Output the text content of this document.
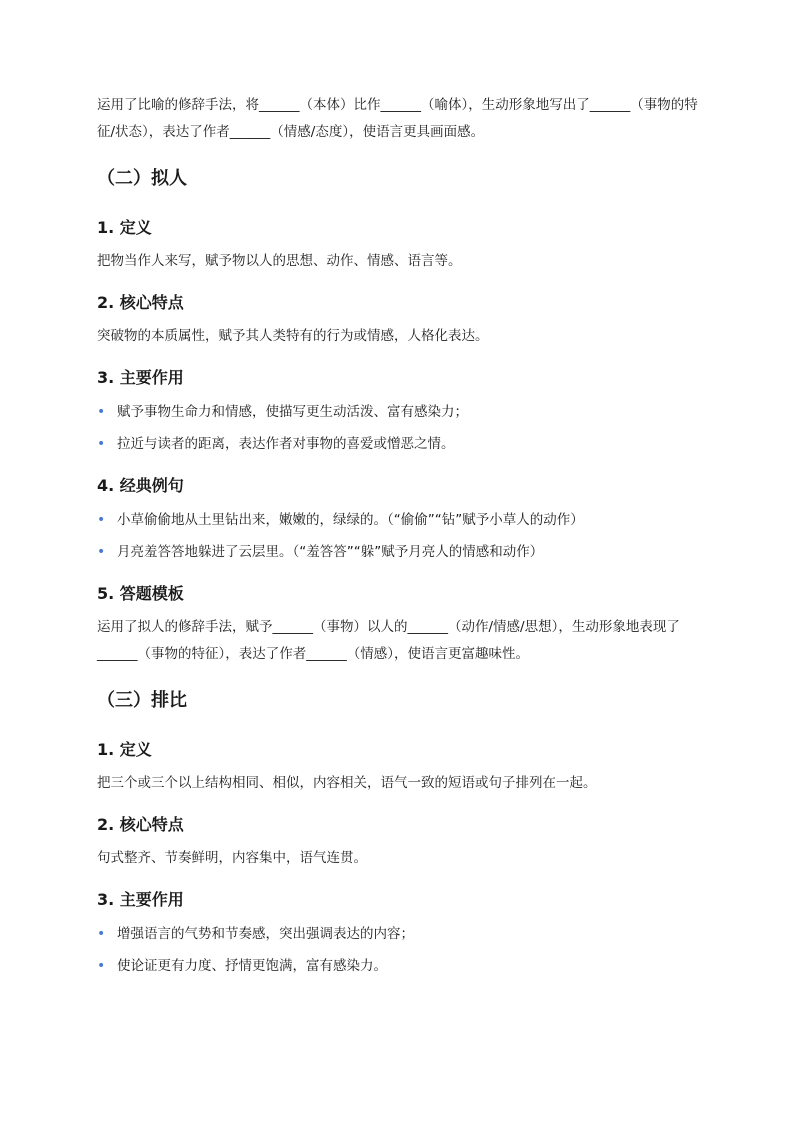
运用了比喻的修辞手法，将______（本体）比作______（喻体），生动形象地写出了______（事物的特征/状态），表达了作者______（情感/态度），使语言更具画面感。

（二）拟人
1. 定义

把物当作人来写，赋予物以人的思想、动作、情感、语言等。

2. 核心特点

突破物的本质属性，赋予其人类特有的行为或情感，人格化表达。

3. 主要作用
• 赋予事物生命力和情感，使描写更生动活泼、富有感染力；
• 拉近与读者的距离，表达作者对事物的喜爱或憎恶之情。
4. 经典例句
• 小草偷偷地从土里钻出来，嫩嫩的，绿绿的。（“偷偷”“钻”赋予小草人的动作）
• 月亮羞答答地躲进了云层里。（“羞答答”“躲”赋予月亮人的情感和动作）
5. 答题模板

运用了拟人的修辞手法，赋予______（事物）以人的______（动作/情感/思想），生动形象地表现了______（事物的特征），表达了作者______（情感），使语言更富趣味性。

（三）排比
1. 定义

把三个或三个以上结构相同、相似，内容相关，语气一致的短语或句子排列在一起。

2. 核心特点

句式整齐、节奏鲜明，内容集中，语气连贯。

3. 主要作用
• 增强语言的气势和节奏感，突出强调表达的内容；
• 使论证更有力度、抒情更饱满，富有感染力。
